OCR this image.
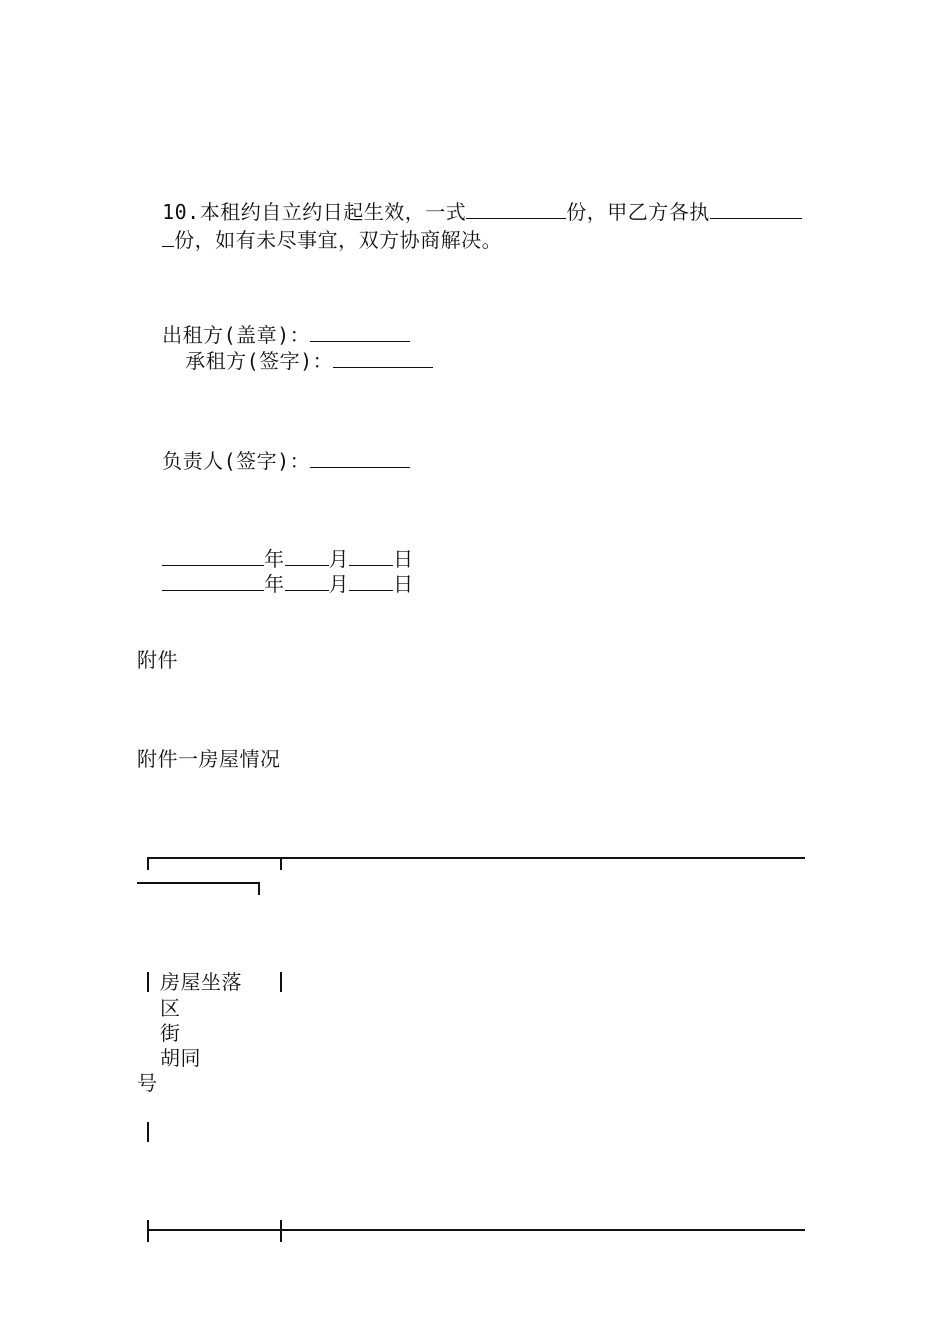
10.本租约自立约日起生效，一式	份，甲乙方各执

份，如有未尽事宜，双方协商解决。

出租方(盖章)：

承租方(签字)：

负责人(签字)：

年 月 日

年 月 日

附件
附件一房屋情况
房屋坐落
区
街
胡同
号
